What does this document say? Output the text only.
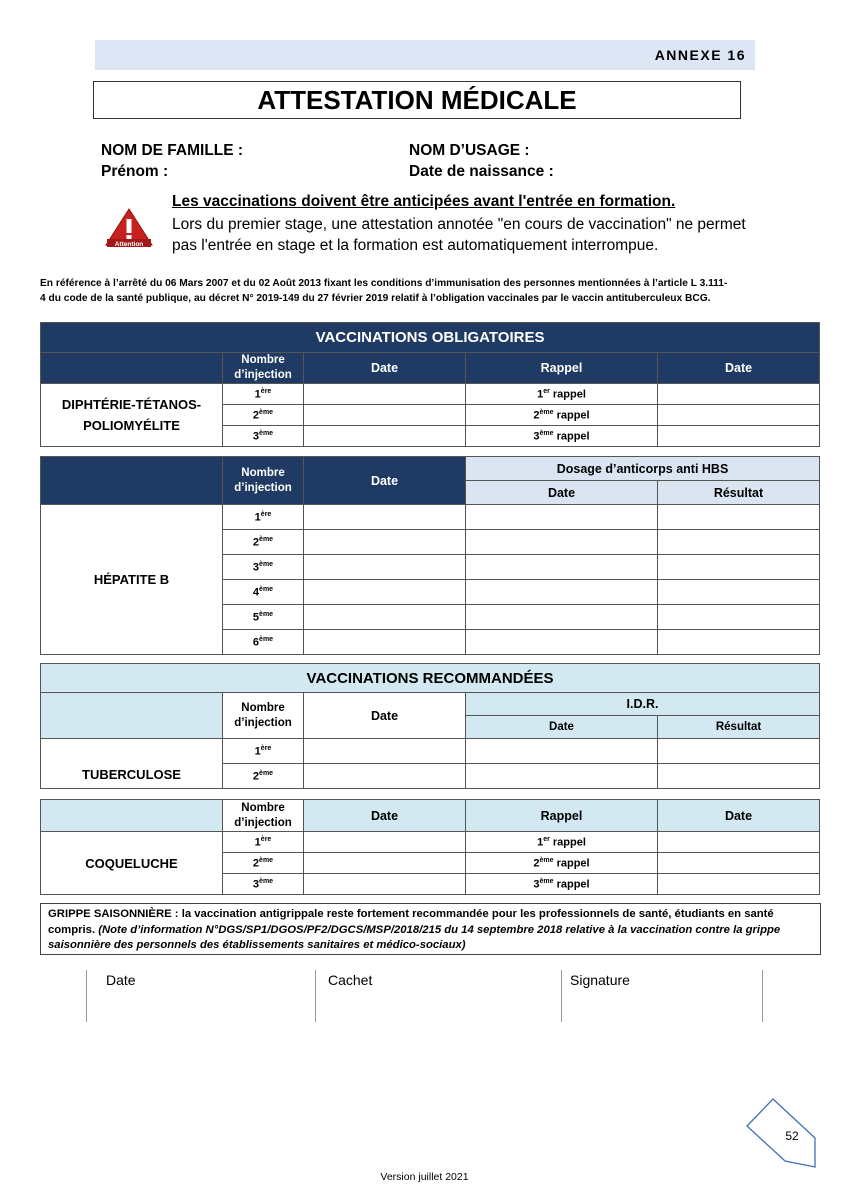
ANNEXE 16
ATTESTATION MÉDICALE
NOM DE FAMILLE :
Prénom :
NOM D’USAGE :
Date de naissance :
Attention
Les vaccinations doivent être anticipées avant l'entrée en formation.
Lors du premier stage, une attestation annotée "en cours de vaccination" ne permet
pas l'entrée en stage et la formation est automatiquement interrompue.
En référence à l’arrêté du 06 Mars 2007 et du 02 Août 2013 fixant les conditions d’immunisation des personnes mentionnées à l’article L 3.111-
4 du code de la santé publique, au décret N° 2019-149 du 27 février 2019 relatif à l’obligation vaccinales par le vaccin antituberculeux BCG.
VACCINATIONS OBLIGATOIRES				
	Nombre d’injection	Date	Rappel	Date
DIPHTÉRIE-TÉTANOS-POLIOMYÉLITE	1ère		1er rappel	
	2ème		2ème rappel	
	3ème		3ème rappel	
	Nombre d’injection	Date	Dosage d’anticorps anti HBS	
			Date	Résultat
HÉPATITE B	1ère			
	2ème			
	3ème			
	4ème			
	5ème			
	6ème			
VACCINATIONS RECOMMANDÉES				
	Nombre d’injection	Date	I.D.R.	
			Date	Résultat

TUBERCULOSE	1ère			
	2ème			
	Nombre d’injection	Date	Rappel	Date
COQUELUCHE	1ère		1er rappel	
	2ème		2ème rappel	
	3ème		3ème rappel	
GRIPPE SAISONNIÈRE : la vaccination antigrippale reste fortement recommandée pour les professionnels de santé, étudiants en santé compris. (Note d’information N°DGS/SP1/DGOS/PF2/DGCS/MSP/2018/215 du 14 septembre 2018 relative à la vaccination contre la grippe saisonnière des personnels des établissements sanitaires et médico-sociaux)
Date	Cachet	Signature
52
Version juillet 2021
